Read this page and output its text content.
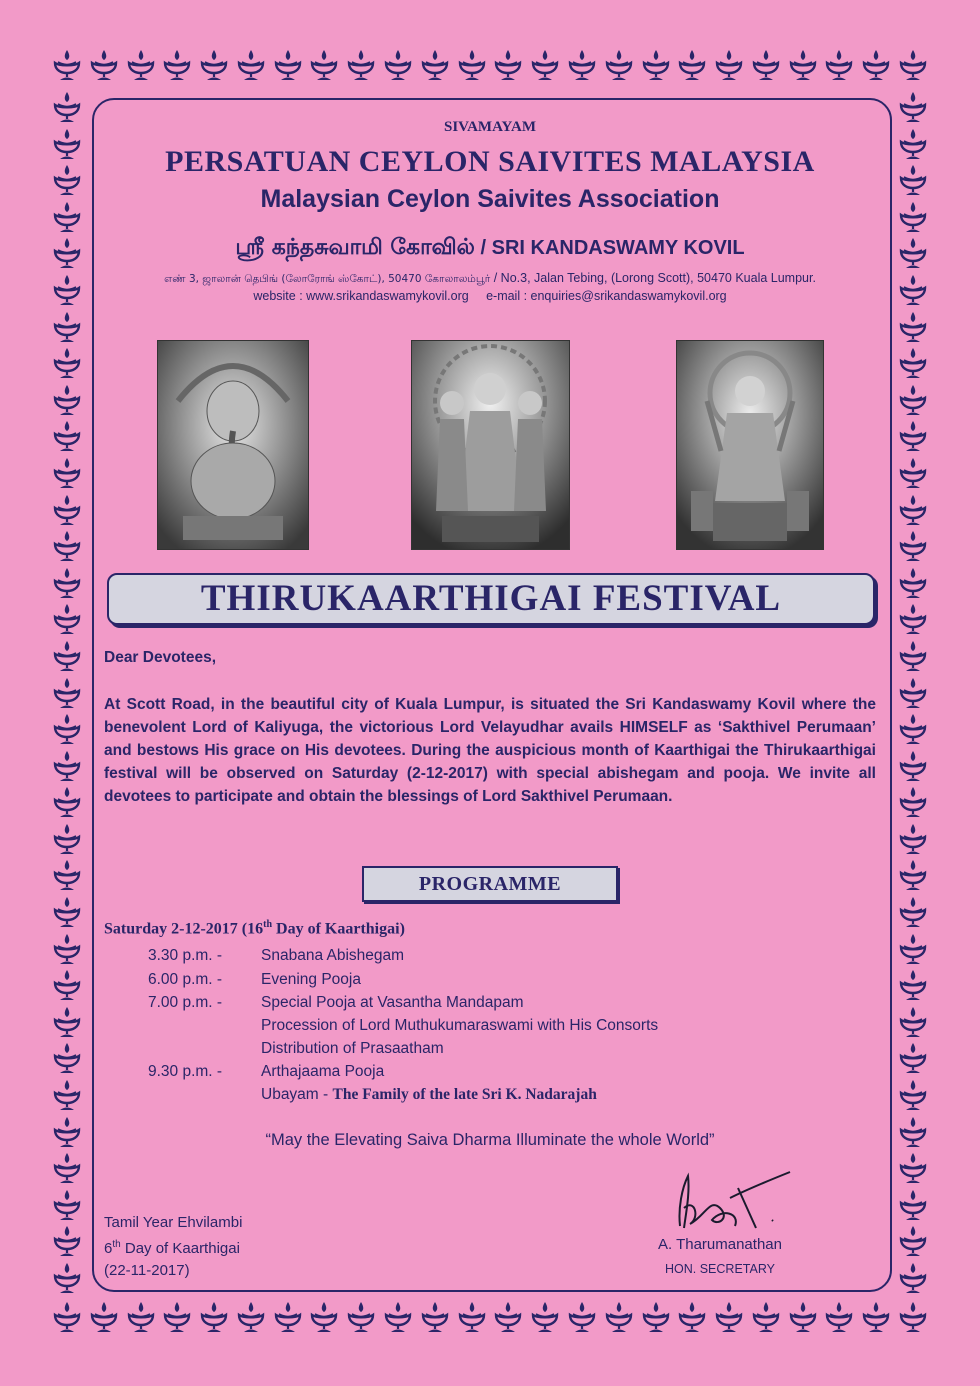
SIVAMAYAM
PERSATUAN CEYLON SAIVITES MALAYSIA
Malaysian Ceylon Saivites Association
ஸ்ரீ கந்தசுவாமி கோவில் / SRI KANDASWAMY KOVIL
எண் 3, ஜாலான் தெபிங் (லோரோங் ஸ்கோட்), 50470 கோலாலம்பூர் / No.3, Jalan Tebing, (Lorong Scott), 50470 Kuala Lumpur.
website : www.srikandaswamykovil.org e-mail : enquiries@srikandaswamykovil.org
THIRUKAARTHIGAI FESTIVAL
Dear Devotees,
At Scott Road, in the beautiful city of Kuala Lumpur, is situated the Sri Kandaswamy Kovil where the benevolent Lord of Kaliyuga, the victorious Lord Velayudhar avails HIMSELF as ‘Sakthivel Perumaan’ and bestows His grace on His devotees. During the auspicious month of Kaarthigai the Thirukaarthigai festival will be observed on Saturday (2-12-2017) with special abishegam and pooja. We invite all devotees to participate and obtain the blessings of Lord Sakthivel Perumaan.
PROGRAMME
Saturday 2-12-2017 (16th Day of Kaarthigai)
3.30 p.m. -	Snabana Abishegam
6.00 p.m. -	Evening Pooja
7.00 p.m. -	Special Pooja at Vasantha Mandapam
Procession of Lord Muthukumaraswami with His Consorts
Distribution of Prasaatham
9.30 p.m. -	Arthajaama Pooja
Ubayam - The Family of the late Sri K. Nadarajah
“May the Elevating Saiva Dharma Illuminate the whole World”
Tamil Year Ehvilambi
6th Day of Kaarthigai
(22-11-2017)
A. Tharumanathan
HON. SECRETARY
